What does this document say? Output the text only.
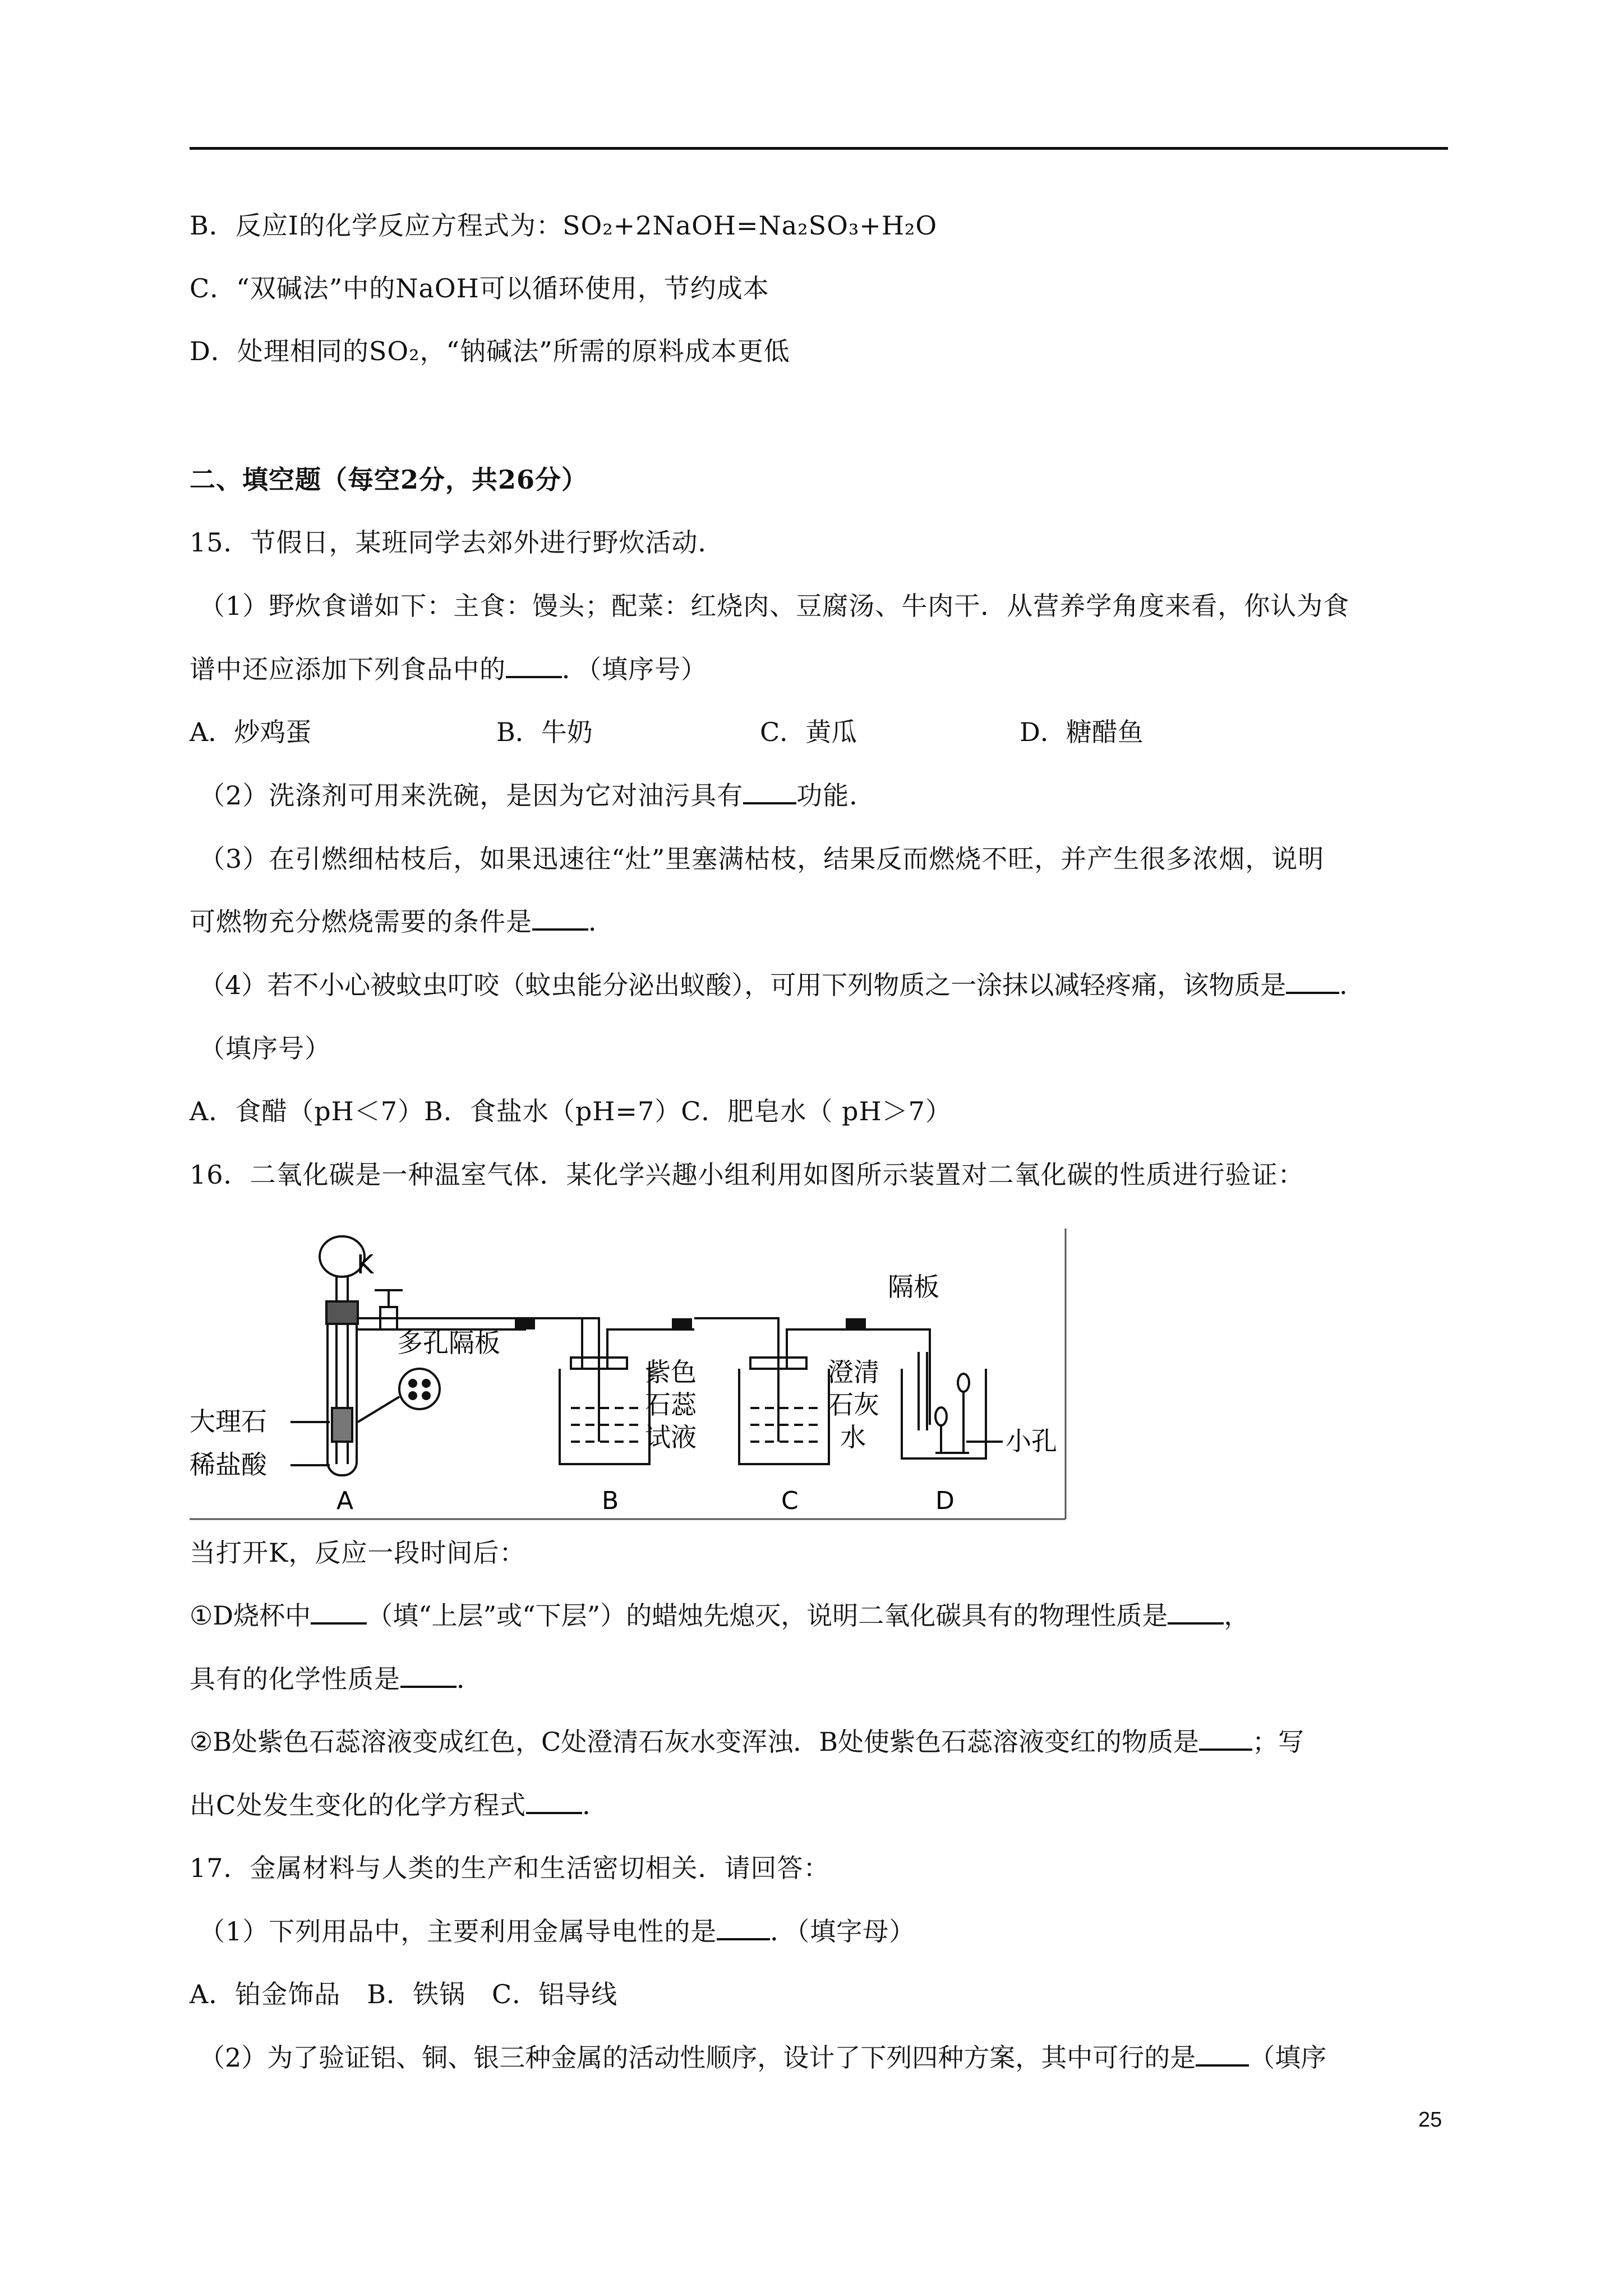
B．反应Ⅰ的化学反应方程式为：SO₂+2NaOH=Na₂SO₃+H₂O
C．“双碱法”中的NaOH可以循环使用，节约成本
D．处理相同的SO₂，“钠碱法”所需的原料成本更低
二、填空题（每空2分，共26分）
15．节假日，某班同学去郊外进行野炊活动．
（1）野炊食谱如下：主食：馒头；配菜：红烧肉、豆腐汤、牛肉干．从营养学角度来看，你认为食
谱中还应添加下列食品中的 ．（填序号）
A．炒鸡蛋	B．牛奶	C．黄瓜	D．糖醋鱼
（2）洗涤剂可用来洗碗，是因为它对油污具有 功能．
（3）在引燃细枯枝后，如果迅速往“灶”里塞满枯枝，结果反而燃烧不旺，并产生很多浓烟，说明
可燃物充分燃烧需要的条件是 ．
（4）若不小心被蚊虫叮咬（蚊虫能分泌出蚁酸），可用下列物质之一涂抹以减轻疼痛，该物质是 ．
（填序号）
A．食醋（pH＜7）B．食盐水（pH=7）C．肥皂水（ pH＞7）
16．二氧化碳是一种温室气体．某化学兴趣小组利用如图所示装置对二氧化碳的性质进行验证：
K
多孔隔板
大理石
稀盐酸
紫色
石蕊
试液
澄清
石灰
水
隔板
小孔
A	B	C	D
当打开K，反应一段时间后：
①D烧杯中 （填“上层”或“下层”）的蜡烛先熄灭，说明二氧化碳具有的物理性质是 ，
具有的化学性质是 ．
②B处紫色石蕊溶液变成红色，C处澄清石灰水变浑浊．B处使紫色石蕊溶液变红的物质是 ；写
出C处发生变化的化学方程式 ．
17．金属材料与人类的生产和生活密切相关．请回答：
（1）下列用品中，主要利用金属导电性的是 ．（填字母）
A．铂金饰品　B．铁锅　C．铝导线
（2）为了验证铝、铜、银三种金属的活动性顺序，设计了下列四种方案，其中可行的是 （填序
25
